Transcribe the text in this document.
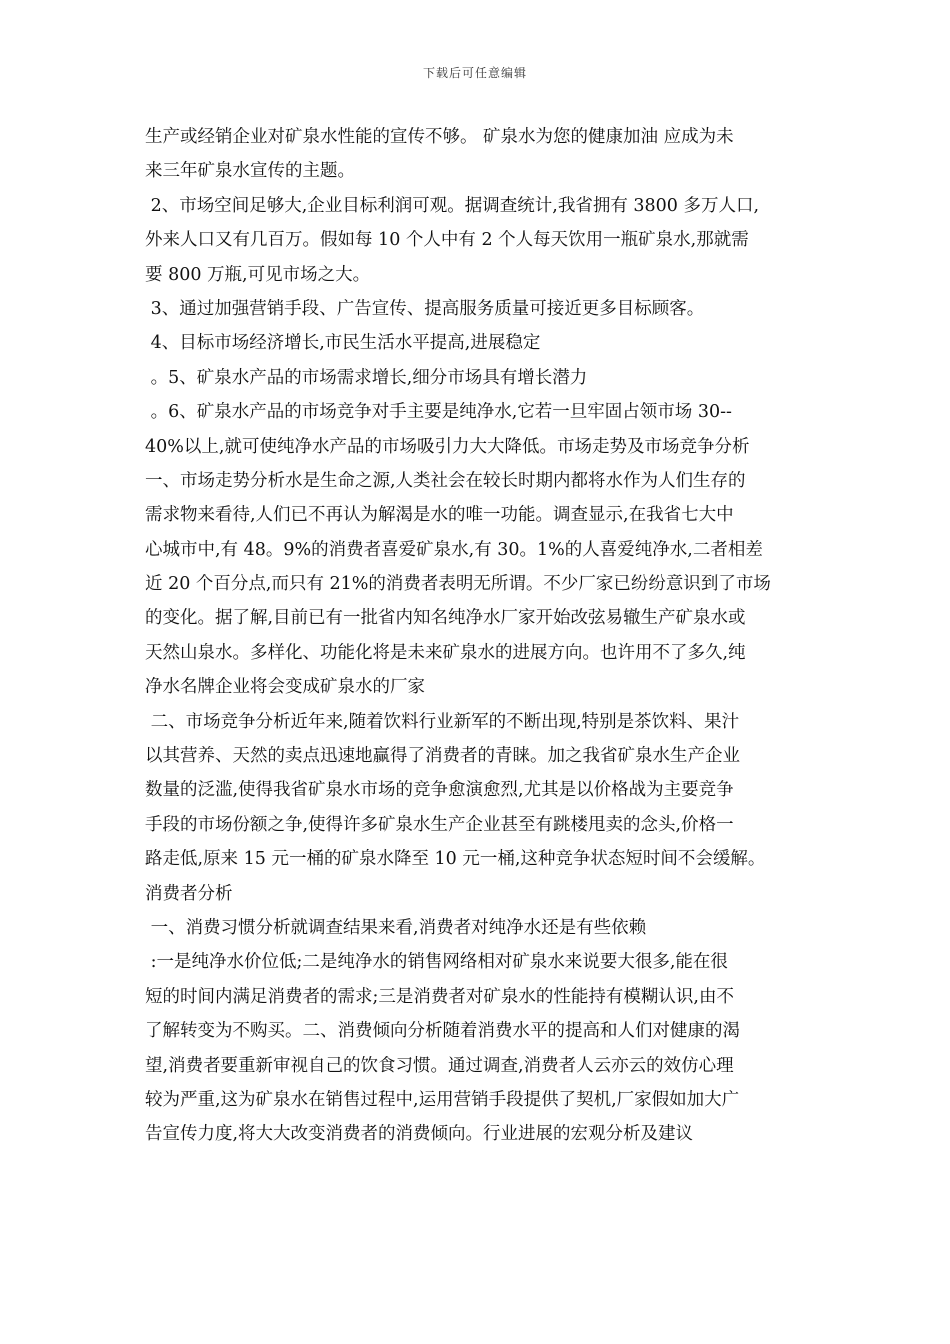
下载后可任意编辑
生产或经销企业对矿泉水性能的宣传不够。 矿泉水为您的健康加油 应成为未
来三年矿泉水宣传的主题。
2、市场空间足够大,企业目标利润可观。据调查统计,我省拥有 3800 多万人口,
外来人口又有几百万。假如每 10 个人中有 2 个人每天饮用一瓶矿泉水,那就需
要 800 万瓶,可见市场之大。
3、通过加强营销手段、广告宣传、提高服务质量可接近更多目标顾客。
4、目标市场经济增长,市民生活水平提高,进展稳定
。5、矿泉水产品的市场需求增长,细分市场具有增长潜力
。6、矿泉水产品的市场竞争对手主要是纯净水,它若一旦牢固占领市场 30--
40%以上,就可使纯净水产品的市场吸引力大大降低。市场走势及市场竞争分析
一、市场走势分析水是生命之源,人类社会在较长时期内都将水作为人们生存的
需求物来看待,人们已不再认为解渴是水的唯一功能。调查显示,在我省七大中
心城市中,有 48。9%的消费者喜爱矿泉水,有 30。1%的人喜爱纯净水,二者相差
近 20 个百分点,而只有 21%的消费者表明无所谓。不少厂家已纷纷意识到了市场
的变化。据了解,目前已有一批省内知名纯净水厂家开始改弦易辙生产矿泉水或
天然山泉水。多样化、功能化将是未来矿泉水的进展方向。也许用不了多久,纯
净水名牌企业将会变成矿泉水的厂家
二、市场竞争分析近年来,随着饮料行业新军的不断出现,特别是茶饮料、果汁
以其营养、天然的卖点迅速地赢得了消费者的青睐。加之我省矿泉水生产企业
数量的泛滥,使得我省矿泉水市场的竞争愈演愈烈,尤其是以价格战为主要竞争
手段的市场份额之争,使得许多矿泉水生产企业甚至有跳楼甩卖的念头,价格一
路走低,原来 15 元一桶的矿泉水降至 10 元一桶,这种竞争状态短时间不会缓解。
消费者分析
一、消费习惯分析就调查结果来看,消费者对纯净水还是有些依赖
:一是纯净水价位低;二是纯净水的销售网络相对矿泉水来说要大很多,能在很
短的时间内满足消费者的需求;三是消费者对矿泉水的性能持有模糊认识,由不
了解转变为不购买。二、消费倾向分析随着消费水平的提高和人们对健康的渴
望,消费者要重新审视自己的饮食习惯。通过调查,消费者人云亦云的效仿心理
较为严重,这为矿泉水在销售过程中,运用营销手段提供了契机,厂家假如加大广
告宣传力度,将大大改变消费者的消费倾向。行业进展的宏观分析及建议
